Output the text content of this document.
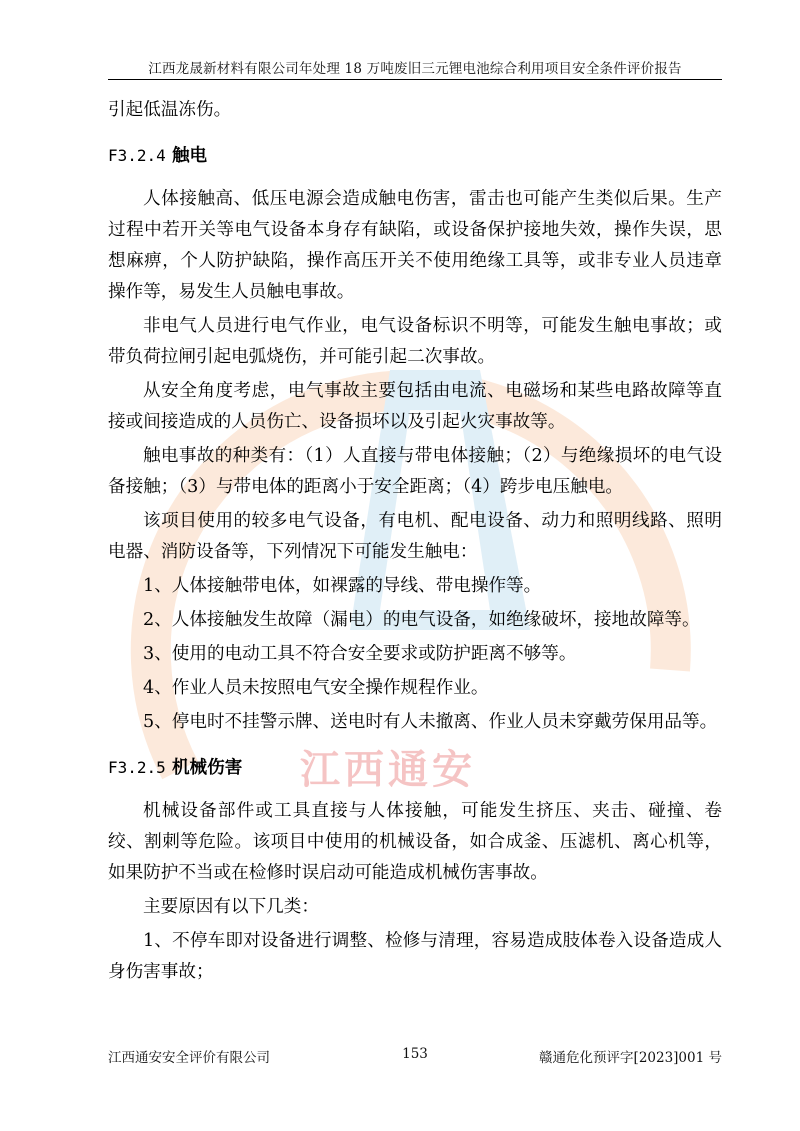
江西龙晟新材料有限公司年处理 18 万吨废旧三元锂电池综合利用项目安全条件评价报告
江西通安

引起低温冻伤。

F3.2.4 触电

人体接触高、低压电源会造成触电伤害，雷击也可能产生类似后果。生产过程中若开关等电气设备本身存有缺陷，或设备保护接地失效，操作失误，思想麻痹，个人防护缺陷，操作高压开关不使用绝缘工具等，或非专业人员违章操作等，易发生人员触电事故。

非电气人员进行电气作业，电气设备标识不明等，可能发生触电事故；或带负荷拉闸引起电弧烧伤，并可能引起二次事故。

从安全角度考虑，电气事故主要包括由电流、电磁场和某些电路故障等直接或间接造成的人员伤亡、设备损坏以及引起火灾事故等。

触电事故的种类有：（1）人直接与带电体接触；（2）与绝缘损坏的电气设备接触；（3）与带电体的距离小于安全距离；（4）跨步电压触电。

该项目使用的较多电气设备，有电机、配电设备、动力和照明线路、照明电器、消防设备等，下列情况下可能发生触电：

1、人体接触带电体，如裸露的导线、带电操作等。

2、人体接触发生故障（漏电）的电气设备，如绝缘破坏，接地故障等。

3、使用的电动工具不符合安全要求或防护距离不够等。

4、作业人员未按照电气安全操作规程作业。

5、停电时不挂警示牌、送电时有人未撤离、作业人员未穿戴劳保用品等。

F3.2.5 机械伤害

机械设备部件或工具直接与人体接触，可能发生挤压、夹击、碰撞、卷绞、割刺等危险。该项目中使用的机械设备，如合成釜、压滤机、离心机等，如果防护不当或在检修时误启动可能造成机械伤害事故。

主要原因有以下几类：

1、不停车即对设备进行调整、检修与清理，容易造成肢体卷入设备造成人身伤害事故；

江西通安安全评价有限公司	153	赣通危化预评字[2023]001 号
